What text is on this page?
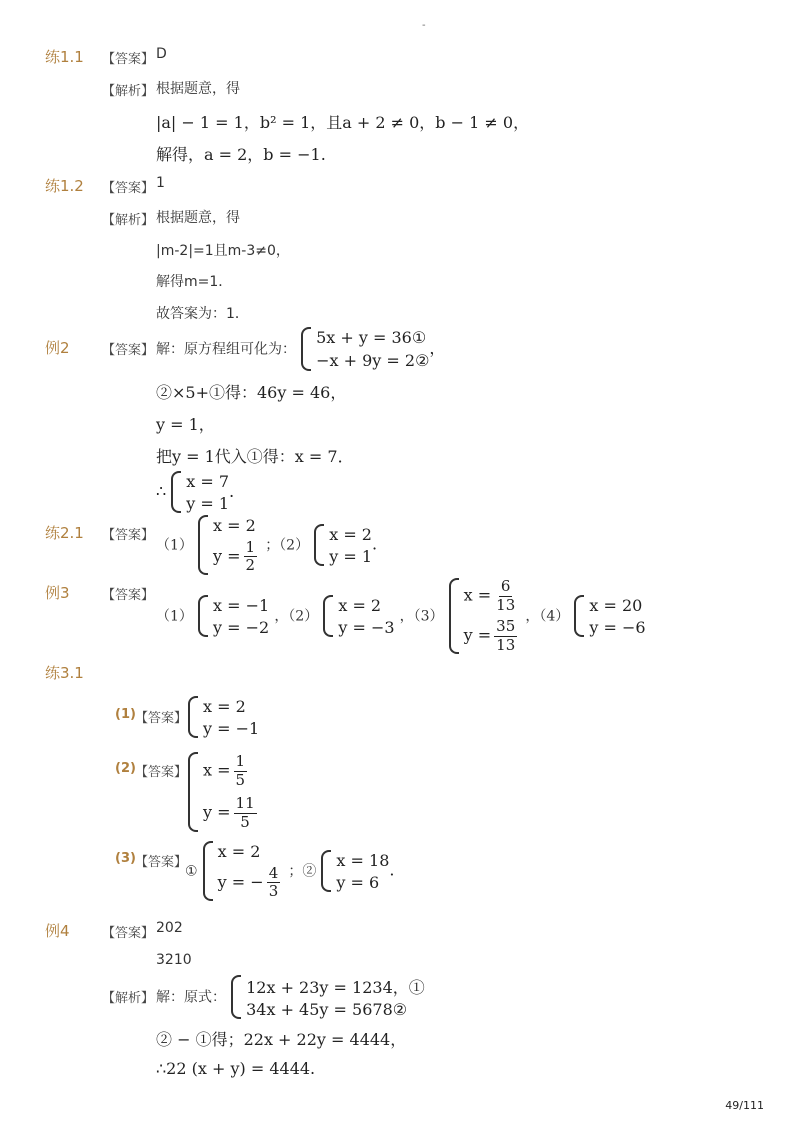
-
练1.1 【答案】 D
【解析】 根据题意，得
|a| − 1 = 1，b² = 1，且a + 2 ≠ 0，b − 1 ≠ 0，
解得，a = 2，b = −1.
练1.2 【答案】 1
【解析】 根据题意，得
|m-2|=1且m-3≠0，
解得m=1．
故答案为：1．
例2 【答案】 解：原方程组可化为：
5x + y = 36①
−x + 9y = 2②
，
②×5+①得：46y = 46，
y = 1，
把y = 1代入①得：x = 7．
∴
x = 7
y = 1
．
练2.1 【答案】
（1）
x = 2
$y = \frac{1}{2}$ ；（2）
x = 2
y = 1
.
例3 【答案】
（1）
x = −1
y = −2
，（2）
x = 2
y = −3
，（3）
$x = \frac{6}{13}$
$y = \frac{35}{13}$
，（4）
x = 20
y = −6
练3.1
(1) 【答案】
x = 2
y = −1
(2) 【答案】 $x = \frac{1}{5}$
$y = \frac{11}{5}$
(3) 【答案】
①
x = 2
y = − $\frac{4}{3}$ ；②
x = 18
y = 6
.
例4 【答案】 202
3210
【解析】 解：原式：
12x + 23y = 1234，①
34x + 45y = 5678②
② − ①得；22x + 22y = 4444，
∴22 (x + y) = 4444.
49/111
